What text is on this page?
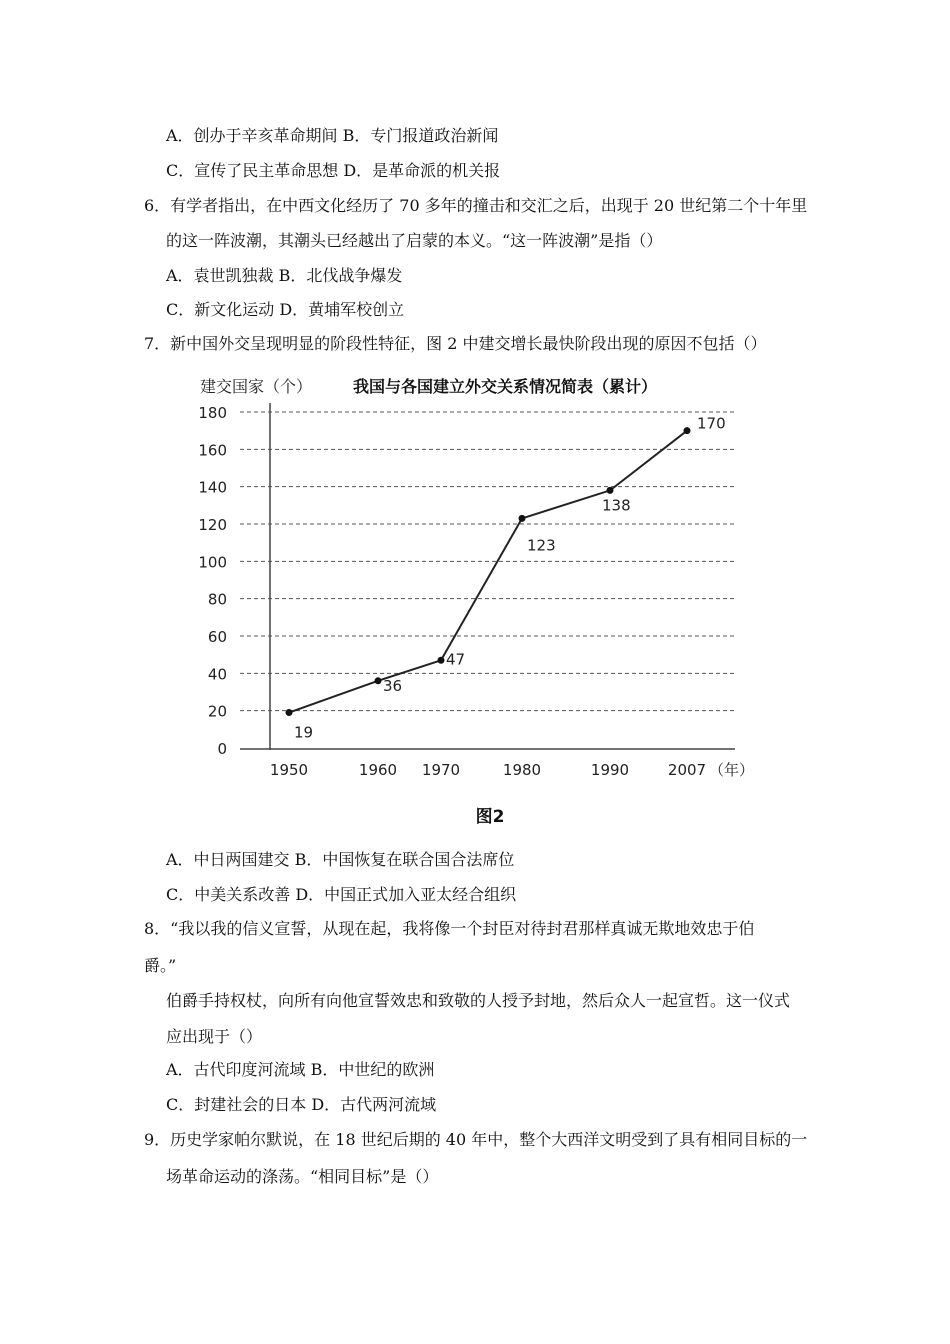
A．创办于辛亥革命期间 B．专门报道政治新闻
C．宣传了民主革命思想 D．是革命派的机关报
6．有学者指出，在中西文化经历了 70 多年的撞击和交汇之后，出现于 20 世纪第二个十年里
的这一阵波潮，其潮头已经越出了启蒙的本义。“这一阵波潮”是指（）
A．袁世凯独裁 B．北伐战争爆发
C．新文化运动 D．黄埔军校创立
7．新中国外交呈现明显的阶段性特征，图 2 中建交增长最快阶段出现的原因不包括（）
建交国家（个）	我国与各国建立外交关系情况简表（累计）
0
20
40
60
80
100
120
140
160
180
1950	1960 1970	1980	1990	2007 （年）
19
36
47
123
138
170
图2
A．中日两国建交 B．中国恢复在联合国合法席位
C．中美关系改善 D．中国正式加入亚太经合组织
8．“我以我的信义宣誓，从现在起，我将像一个封臣对待封君那样真诚无欺地效忠于伯
爵。”
伯爵手持权杖，向所有向他宣誓效忠和致敬的人授予封地，然后众人一起宣哲。这一仪式
应出现于（）
A．古代印度河流域 B．中世纪的欧洲
C．封建社会的日本 D．古代两河流域
9．历史学家帕尔默说，在 18 世纪后期的 40 年中，整个大西洋文明受到了具有相同目标的一
场革命运动的涤荡。“相同目标”是（）
